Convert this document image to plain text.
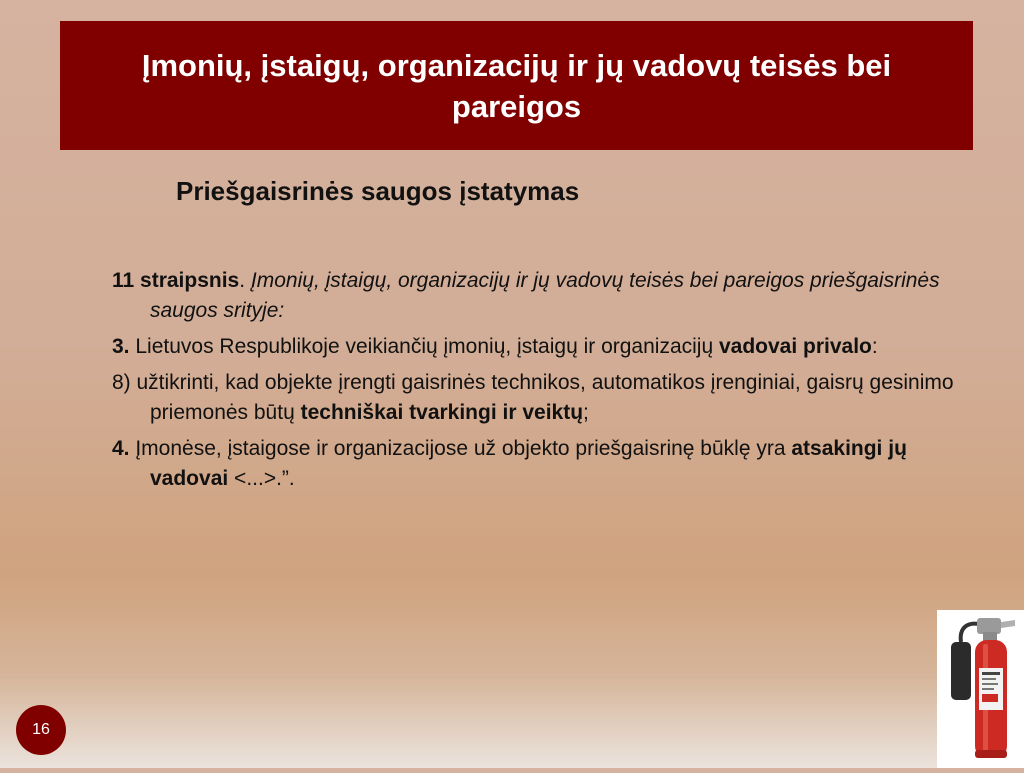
Įmonių, įstaigų, organizacijų ir jų vadovų teisės bei pareigos
Priešgaisrinės saugos įstatymas

11 straipsnis. Įmonių, įstaigų, organizacijų ir jų vadovų teisės bei pareigos priešgaisrinės saugos srityje:

3. Lietuvos Respublikoje veikiančių įmonių, įstaigų ir organizacijų vadovai privalo:

8) užtikrinti, kad objekte įrengti gaisrinės technikos, automatikos įrenginiai, gaisrų gesinimo priemonės būtų techniškai tvarkingi ir veiktų;

4. Įmonėse, įstaigose ir organizacijose už objekto priešgaisrinę būklę yra atsakingi jų vadovai <...>.”.

16
